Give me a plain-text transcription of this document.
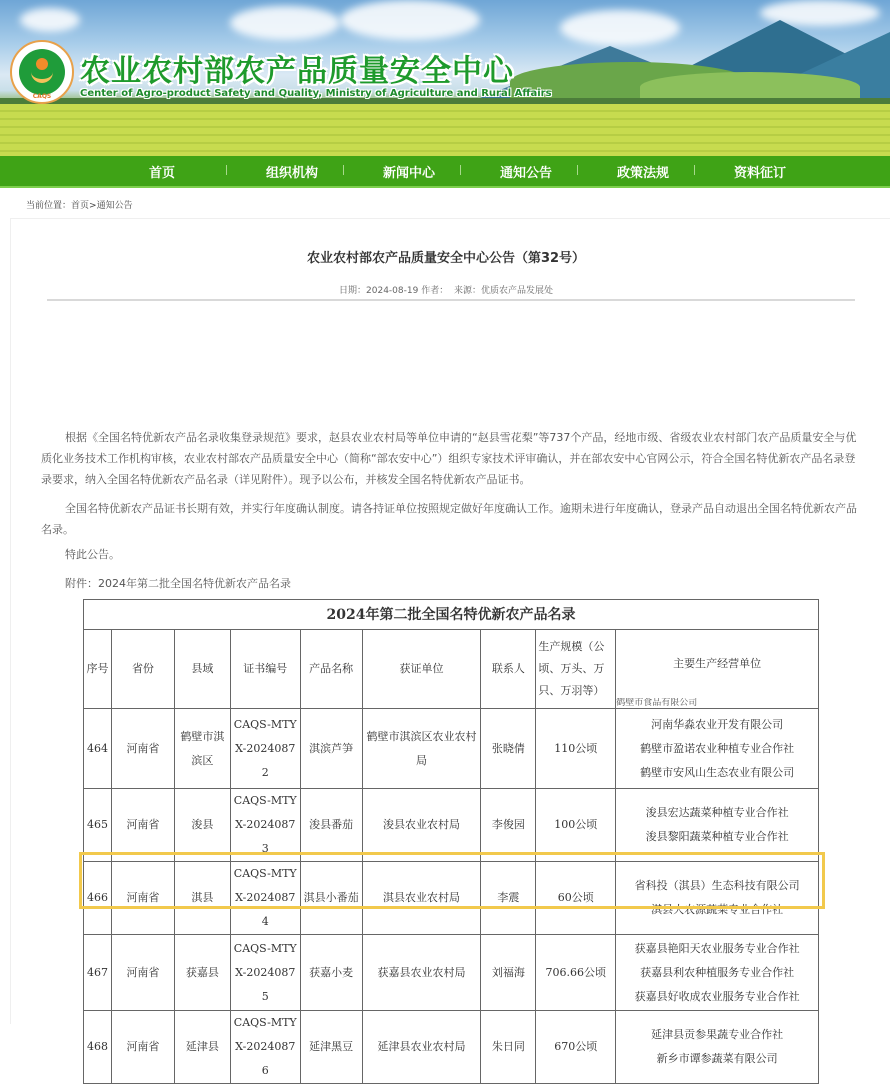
CAQS
农业农村部农产品质量安全中心
Center of Agro-product Safety and Quality, Ministry of Agriculture and Rural Affairs
首页	组织机构	新闻中心	通知公告	政策法规	资料征订
当前位置：首页>通知公告
农业农村部农产品质量安全中心公告（第32号）
日期：2024-08-19 作者： 来源：优质农产品发展处
根据《全国名特优新农产品名录收集登录规范》要求，赵县农业农村局等单位申请的“赵县雪花梨”等737个产品，经地市级、省级农业农村部门农产品质量安全与优质化业务技术工作机构审核，农业农村部农产品质量安全中心（简称“部农安中心”）组织专家技术评审确认，并在部农安中心官网公示，符合全国名特优新农产品名录登录要求，纳入全国名特优新农产品名录（详见附件）。现予以公布，并核发全国名特优新农产品证书。
全国名特优新农产品证书长期有效，并实行年度确认制度。请各持证单位按照规定做好年度确认工作。逾期未进行年度确认，登录产品自动退出全国名特优新农产品名录。
特此公告。
附件：2024年第二批全国名特优新农产品名录
2024年第二批全国名特优新农产品名录								
序号	省份	县域	证书编号	产品名称	获证单位	联系人	生产规模（公顷、万头、万只、万羽等）	主要生产经营单位
鹤壁市食品有限公司

464	河南省	鹤壁市淇滨区	CAQS-MTYX-20240872	淇滨芦笋	鹤壁市淇滨区农业农村局	张晓倩	110公顷	河南华淼农业开发有限公司
鹤壁市盈诺农业种植专业合作社
鹤壁市安风山生态农业有限公司

465	河南省	浚县	CAQS-MTYX-20240873	浚县番茄	浚县农业农村局	李俊园	100公顷	浚县宏达蔬菜种植专业合作社
浚县黎阳蔬菜种植专业合作社

466	河南省	淇县	CAQS-MTYX-20240874	淇县小番茄	淇县农业农村局	李震	60公顷	省科投（淇县）生态科技有限公司
淇县大农源蔬菜专业合作社

467	河南省	获嘉县	CAQS-MTYX-20240875	获嘉小麦	获嘉县农业农村局	刘福海	706.66公顷	获嘉县艳阳天农业服务专业合作社
获嘉县利农种植服务专业合作社
获嘉县好收成农业服务专业合作社

468	河南省	延津县	CAQS-MTYX-20240876	延津黑豆	延津县农业农村局	朱日同	670公顷	延津县贡参果蔬专业合作社
新乡市谭参蔬菜有限公司
